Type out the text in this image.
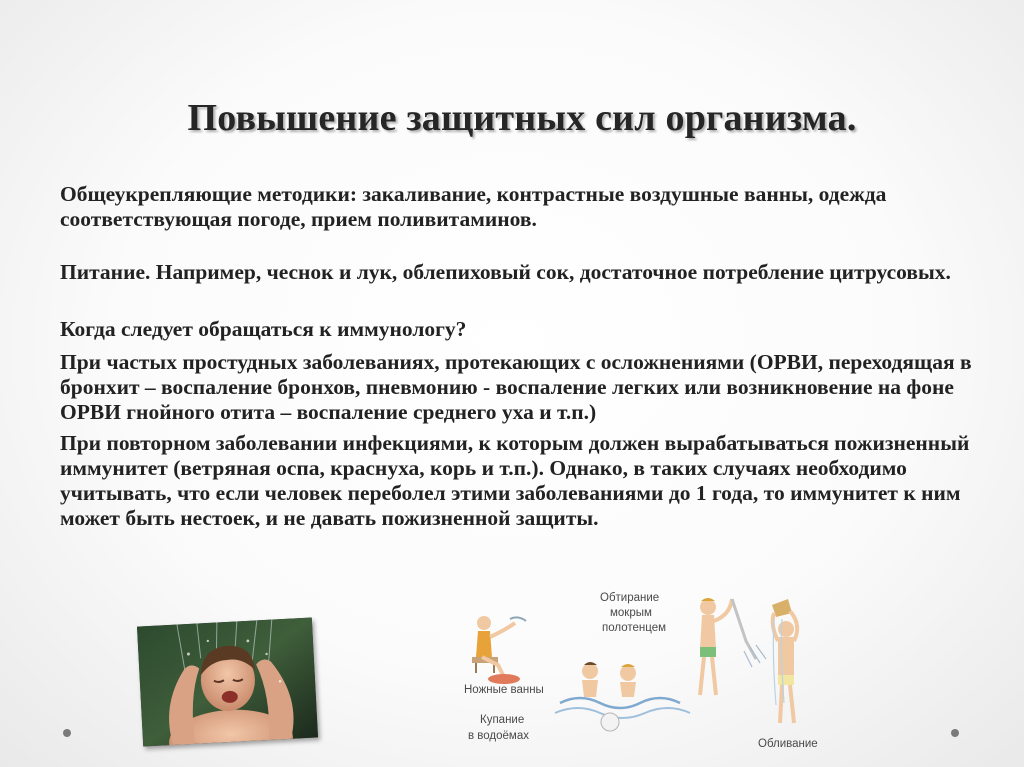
Повышение защитных сил организма.

Общеукрепляющие методики: закаливание, контрастные воздушные ванны, одежда соответствующая погоде, прием поливитаминов.

Питание. Например, чеснок и лук, облепиховый сок, достаточное потребление цитрусовых.

Когда следует обращаться к иммунологу?

При частых простудных заболеваниях, протекающих с осложнениями (ОРВИ, переходящая в бронхит – воспаление бронхов, пневмонию - воспаление легких или возникновение на фоне ОРВИ гнойного отита – воспаление среднего уха и т.п.)

При повторном заболевании инфекциями, к которым должен вырабатываться пожизненный иммунитет (ветряная оспа, краснуха, корь и т.п.). Однако, в таких случаях необходимо учитывать, что если человек переболел этими заболеваниями до 1 года, то иммунитет к ним может быть нестоек, и не давать пожизненной защиты.

Обтирание
мокрым
полотенцем
Ножные ванны
Купание
в водоёмах
Обливание
